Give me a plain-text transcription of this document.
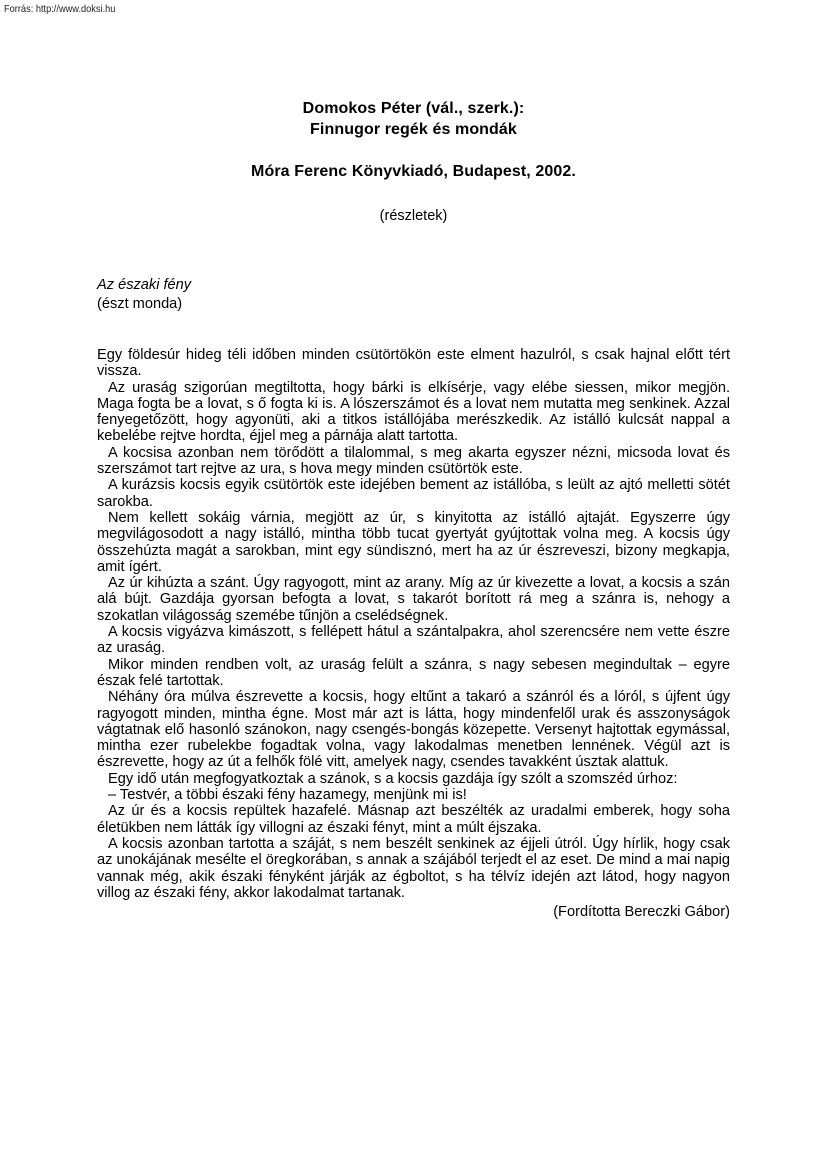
Forrás: http://www.doksi.hu
Domokos Péter (vál., szerk.):
Finnugor regék és mondák
Móra Ferenc Könyvkiadó, Budapest, 2002.
(részletek)
Az északi fény
(észt monda)

Egy földesúr hideg téli időben minden csütörtökön este elment hazulról, s csak hajnal előtt tért vissza.

Az uraság szigorúan megtiltotta, hogy bárki is elkísérje, vagy elébe siessen, mikor megjön. Maga fogta be a lovat, s ő fogta ki is. A lószerszámot és a lovat nem mutatta meg senkinek. Azzal fenyegetőzött, hogy agyonüti, aki a titkos istállójába merészkedik. Az istálló kulcsát nappal a kebelébe rejtve hordta, éjjel meg a párnája alatt tartotta.

A kocsisa azonban nem törődött a tilalommal, s meg akarta egyszer nézni, micsoda lovat és szerszámot tart rejtve az ura, s hova megy minden csütörtök este.

A kurázsis kocsis egyik csütörtök este idejében bement az istállóba, s leült az ajtó melletti sötét sarokba.

Nem kellett sokáig várnia, megjött az úr, s kinyitotta az istálló ajtaját. Egyszerre úgy megvilágosodott a nagy istálló, mintha több tucat gyertyát gyújtottak volna meg. A kocsis úgy összehúzta magát a sarokban, mint egy sündisznó, mert ha az úr észreveszi, bizony megkapja, amit ígért.

Az úr kihúzta a szánt. Úgy ragyogott, mint az arany. Míg az úr kivezette a lovat, a kocsis a szán alá bújt. Gazdája gyorsan befogta a lovat, s takarót borított rá meg a szánra is, nehogy a szokatlan világosság szemébe tűnjön a cselédségnek.

A kocsis vigyázva kimászott, s fellépett hátul a szántalpakra, ahol szerencsére nem vette észre az uraság.

Mikor minden rendben volt, az uraság felült a szánra, s nagy sebesen megindultak – egyre észak felé tartottak.

Néhány óra múlva észrevette a kocsis, hogy eltűnt a takaró a szánról és a lóról, s újfent úgy ragyogott minden, mintha égne. Most már azt is látta, hogy mindenfelől urak és asszonyságok vágtatnak elő hasonló szánokon, nagy csengés-bongás közepette. Versenyt hajtottak egymással, mintha ezer rubelekbe fogadtak volna, vagy lakodalmas menetben lennének. Végül azt is észrevette, hogy az út a felhők fölé vitt, amelyek nagy, csendes tavakként úsztak alattuk.

Egy idő után megfogyatkoztak a szánok, s a kocsis gazdája így szólt a szomszéd úrhoz:

– Testvér, a többi északi fény hazamegy, menjünk mi is!

Az úr és a kocsis repültek hazafelé. Másnap azt beszélték az uradalmi emberek, hogy soha életükben nem látták így villogni az északi fényt, mint a múlt éjszaka.

A kocsis azonban tartotta a száját, s nem beszélt senkinek az éjjeli útról. Úgy hírlik, hogy csak az unokájának mesélte el öregkorában, s annak a szájából terjedt el az eset. De mind a mai napig vannak még, akik északi fényként járják az égboltot, s ha télvíz idején azt látod, hogy nagyon villog az északi fény, akkor lakodalmat tartanak.

(Fordította Bereczki Gábor)
